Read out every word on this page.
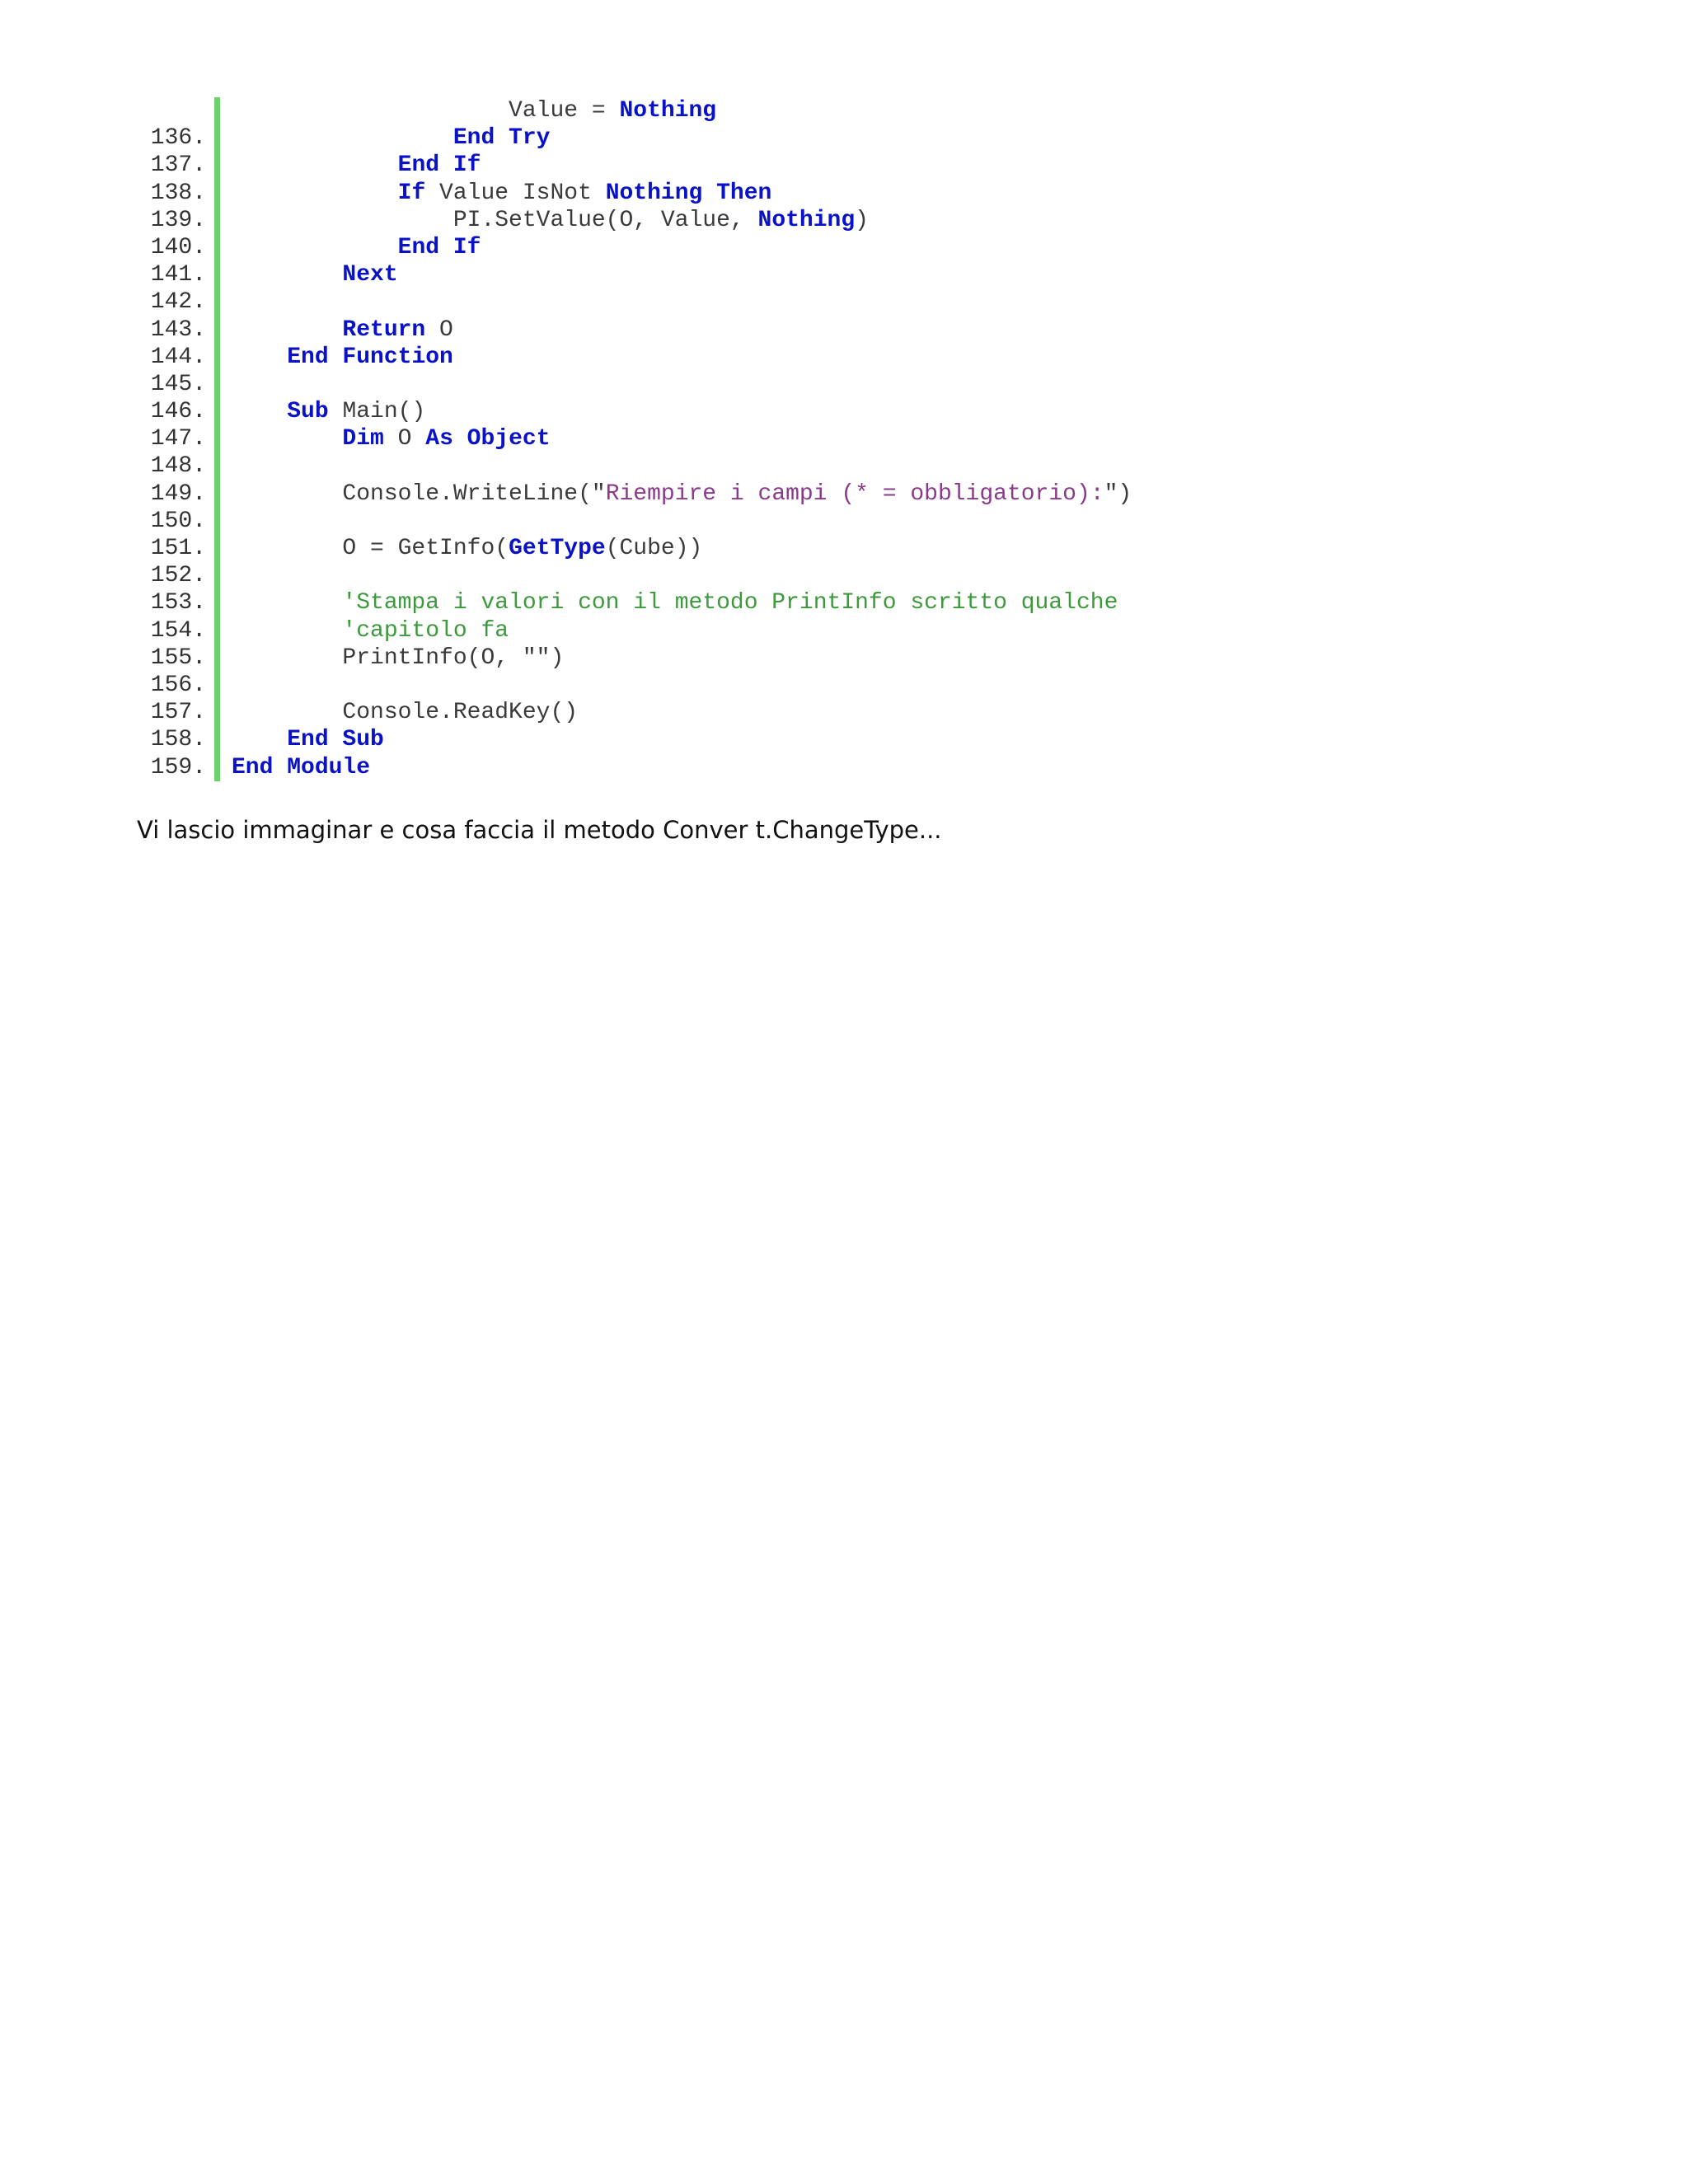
Value = Nothing
136.	End Try
137.	End If
138.	If Value IsNot Nothing Then
139.	PI.SetValue(O, Value, Nothing)
140.	End If
141.	Next
142.
143.	Return O
144.	End Function
145.
146.	Sub Main()
147.	Dim O As Object
148.
149.	Console.WriteLine("Riempire i campi (* = obbligatorio):")
150.
151.	O = GetInfo(GetType(Cube))
152.
153.	'Stampa i valori con il metodo PrintInfo scritto qualche
154.	'capitolo fa
155.	PrintInfo(O, "")
156.
157.	Console.ReadKey()
158.	End Sub
159.	End Module
Vi lascio immaginar e cosa faccia il metodo Conver t.ChangeType...
